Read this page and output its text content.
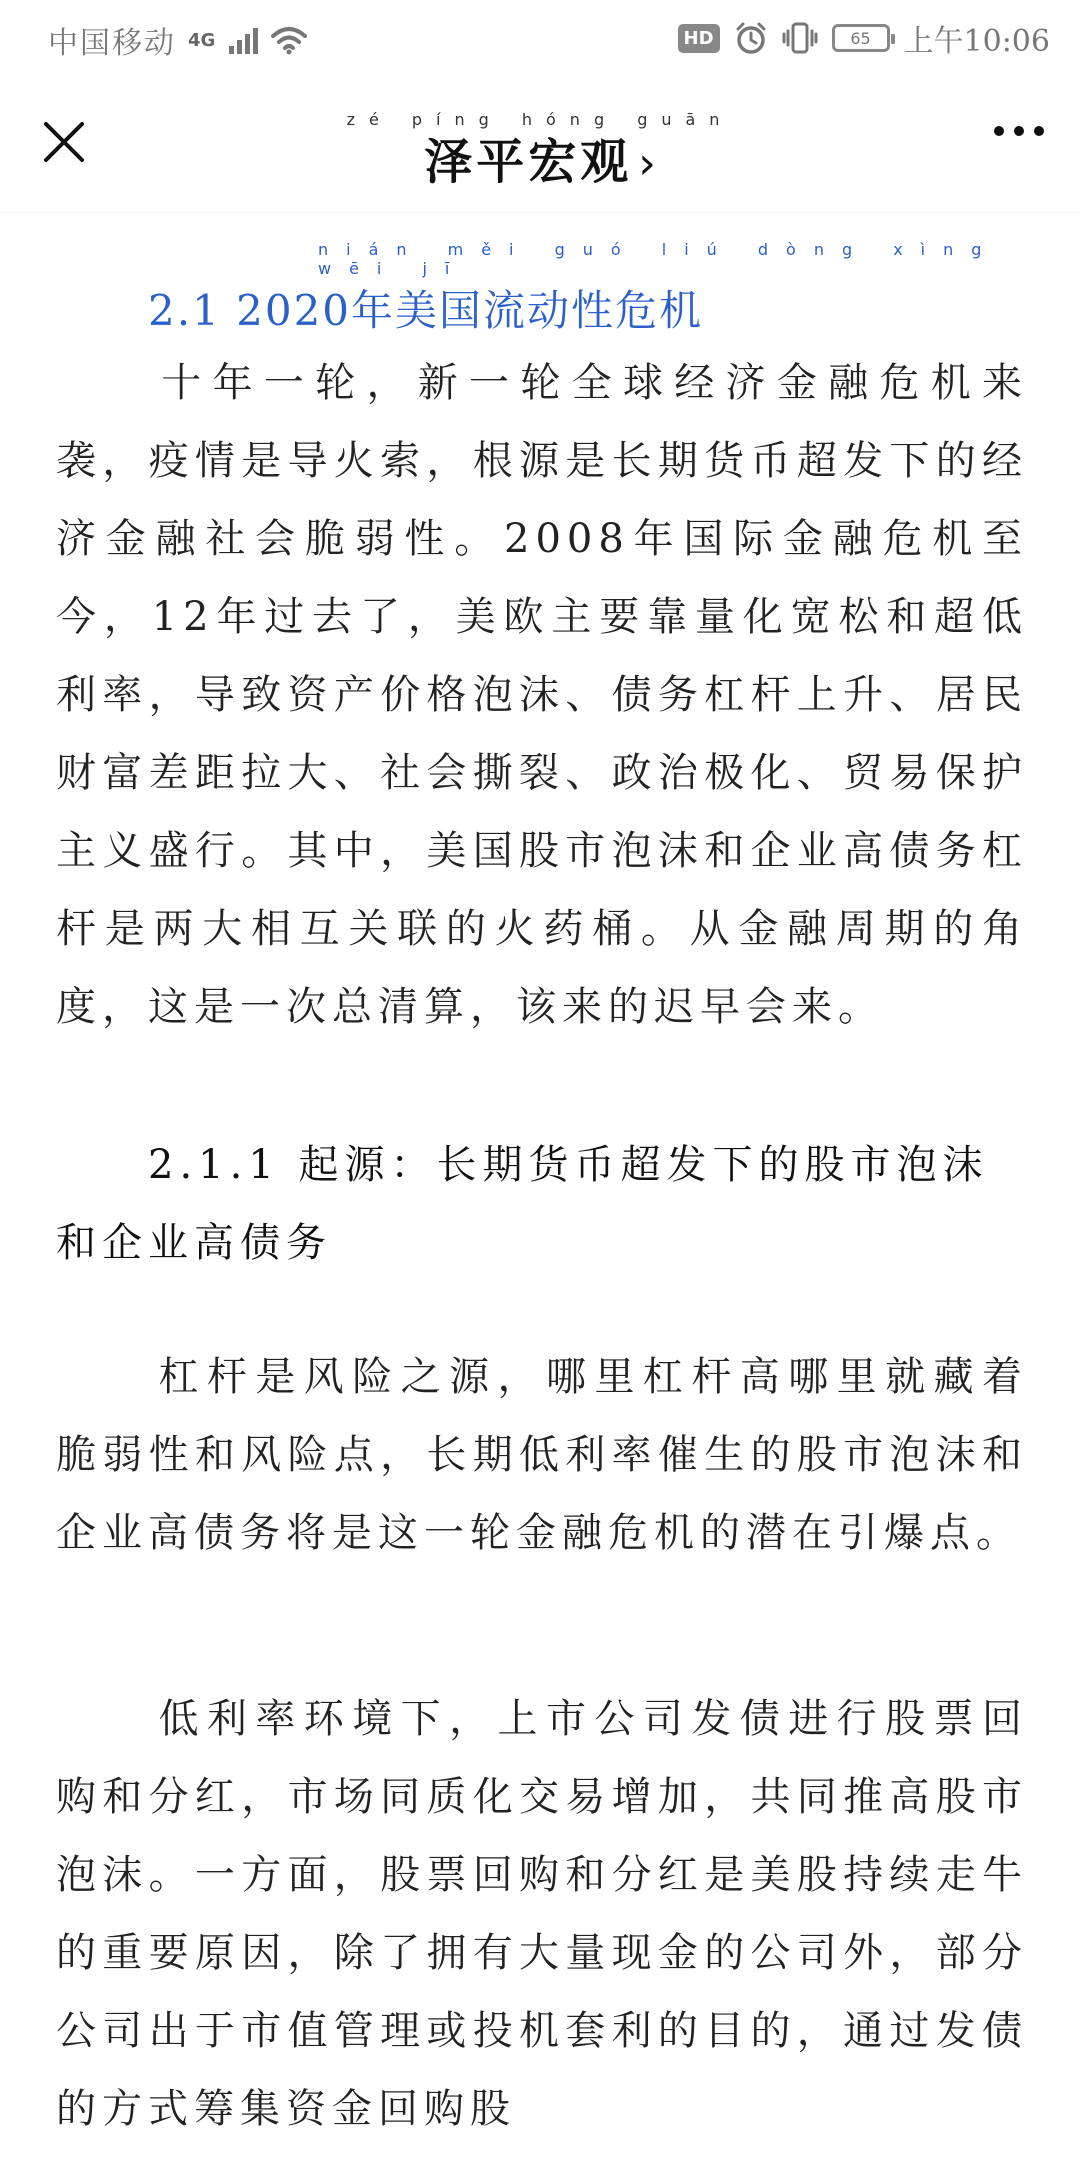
中国移动 4G	HD	65 上午10:06
zé píng hóng guān
泽平宏观 ›
nián měi guó liú dòng xìng wēi jī
2.1 2020年美国流动性危机
十年一轮，新一轮全球经济金融危机来袭，疫情是导火索，根源是长期货币超发下的经济金融社会脆弱性。2008年国际金融危机至今，12年过去了，美欧主要靠量化宽松和超低利率，导致资产价格泡沫、债务杠杆上升、居民财富差距拉大、社会撕裂、政治极化、贸易保护主义盛行。其中，美国股市泡沫和企业高债务杠杆是两大相互关联的火药桶。从金融周期的角度，这是一次总清算，该来的迟早会来。
2.1.1 起源：长期货币超发下的股市泡沫和企业高债务
杠杆是风险之源，哪里杠杆高哪里就藏着脆弱性和风险点，长期低利率催生的股市泡沫和企业高债务将是这一轮金融危机的潜在引爆点。
低利率环境下，上市公司发债进行股票回购和分红，市场同质化交易增加，共同推高股市泡沫。一方面，股票回购和分红是美股持续走牛的重要原因，除了拥有大量现金的公司外，部分公司出于市值管理或投机套利的目的，通过发债的方式筹集资金回购股
